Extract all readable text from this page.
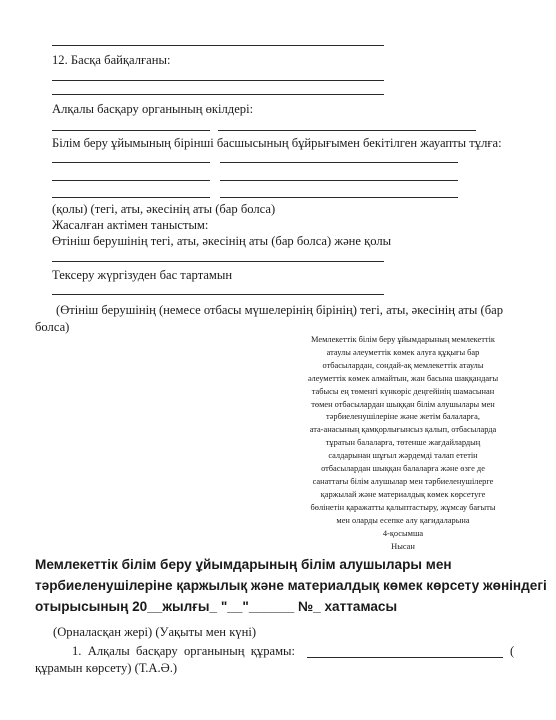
12. Басқа байқалғаны:
Алқалы басқару органының өкілдері:
Білім беру ұйымының бірінші басшысының бұйрығымен бекітілген жауапты тұлға:
(қолы) (тегі, аты, әкесінің аты (бар болса)
Жасалған актімен таныстым:
Өтініш берушінің тегі, аты, әкесінің аты (бар болса) және қолы
Тексеру жүргізуден бас тартамын
(Өтініш берушінің (немесе отбасы мүшелерінің бірінің) тегі, аты, әкесінің аты (бар
болса)
Мемлекеттік білім беру ұйымдарының мемлекеттік
атаулы әлеуметтік көмек алуға құқығы бар
отбасылардан, сондай-ақ мемлекеттік атаулы
әлеуметтік көмек алмайтын, жан басына шаққандағы
табысы ең төменгі күнкөріс деңгейінің шамасынан
төмен отбасылардан шыққан білім алушылары мен
тәрбиеленушілеріне және жетім балаларға,
ата-анасының қамқорлығынсыз қалып, отбасыларда
тұратын балаларға, төтенше жағдайлардың
салдарынан шұғыл жәрдемді талап ететін
отбасылардан шыққан балаларға және өзге де
санаттағы білім алушылар мен тәрбиеленушілерге
қаржылай және материалдық көмек көрсетуге
бөлінетін қаражатты қалыптастыру, жұмсау бағыты
мен оларды есепке алу қағидаларына
4-қосымша
Нысан
Мемлекеттік білім беру ұйымдарының білім алушылары мен
тәрбиеленушілеріне қаржылық және материалдық көмек көрсету жөніндегі
отырысының 20__жылғы_ "__"______ №_ хаттамасы
(Орналасқан жері) (Уақыты мен күні)
1.  Алқалы  басқару  органының  құрамы:	(
құрамын көрсету) (Т.А.Ә.)
